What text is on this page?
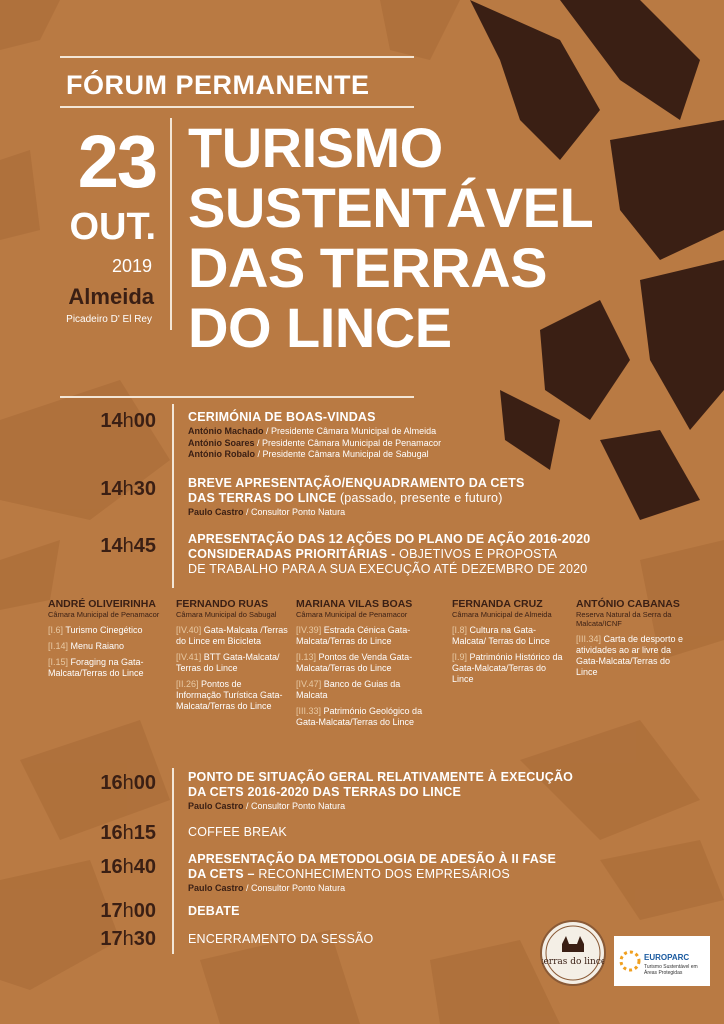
FÓRUM PERMANENTE
23
OUT.
2019
Almeida
Picadeiro D' El Rey
TURISMO
SUSTENTÁVEL
DAS TERRAS
DO LINCE
14h00	CERIMÓNIA DE BOAS-VINDAS
António Machado / Presidente Câmara Municipal de Almeida
António Soares / Presidente Câmara Municipal de Penamacor
António Robalo / Presidente Câmara Municipal de Sabugal
14h30	BREVE APRESENTAÇÃO/ENQUADRAMENTO DA CETS
DAS TERRAS DO LINCE (passado, presente e futuro)
Paulo Castro / Consultor Ponto Natura
14h45	APRESENTAÇÃO DAS 12 AÇÕES DO PLANO DE AÇÃO 2016-2020
CONSIDERADAS PRIORITÁRIAS - OBJETIVOS E PROPOSTA
DE TRABALHO PARA A SUA EXECUÇÃO ATÉ DEZEMBRO DE 2020
ANDRÉ OLIVEIRINHA
Câmara Municipal de Penamacor
[I.6] Turismo Cinegético
[I.14] Menu Raiano
[I.15] Foraging na Gata-Malcata/Terras do Lince
FERNANDO RUAS
Câmara Municipal do Sabugal
[IV.40] Gata-Malcata /Terras do Lince em Bicicleta
[IV.41] BTT Gata-Malcata/ Terras do Lince
[II.26] Pontos de Informação Turística Gata-Malcata/Terras do Lince
MARIANA VILAS BOAS
Câmara Municipal de Penamacor
[IV.39] Estrada Cénica Gata-Malcata/Terras do Lince
[I.13] Pontos de Venda Gata-Malcata/Terras do Lince
[IV.47] Banco de Guias da Malcata
[III.33] Património Geológico da Gata-Malcata/Terras do Lince
FERNANDA CRUZ
Câmara Municipal de Almeida
[I.8] Cultura na Gata-Malcata/ Terras do Lince
[I.9] Património Histórico da Gata-Malcata/Terras do Lince
ANTÓNIO CABANAS
Reserva Natural da Serra da Malcata/ICNF
[III.34] Carta de desporto e atividades ao ar livre da Gata-Malcata/Terras do Lince
16h00	PONTO DE SITUAÇÃO GERAL RELATIVAMENTE À EXECUÇÃO
DA CETS 2016-2020 DAS TERRAS DO LINCE
Paulo Castro / Consultor Ponto Natura
16h15	COFFEE BREAK
16h40	APRESENTAÇÃO DA METODOLOGIA DE ADESÃO À II FASE
DA CETS – RECONHECIMENTO DOS EMPRESÁRIOS
Paulo Castro / Consultor Ponto Natura
17h00	DEBATE
17h30	ENCERRAMENTO DA SESSÃO
terras do lince	EUROPARC
Turismo Sustentável em Áreas Protegidas
